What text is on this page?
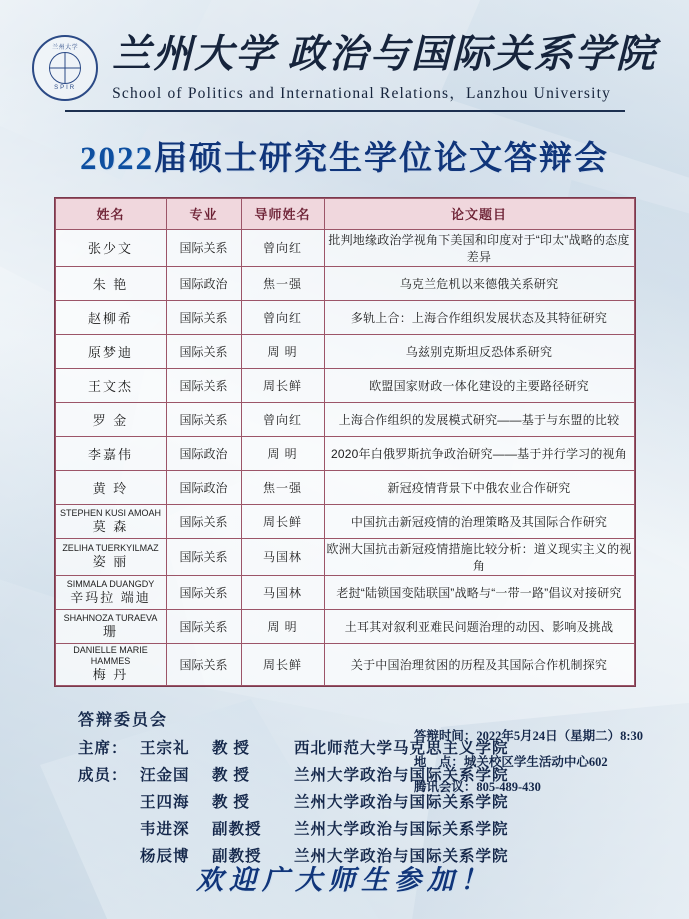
兰州大学
SPIR
兰州大学 政治与国际关系学院
School of Politics and International Relations，Lanzhou University
2022届硕士研究生学位论文答辩会
姓名	专业	导师姓名	论文题目
张少文	国际关系	曾向红	批判地缘政治学视角下美国和印度对于“印太”战略的态度差异
朱 艳	国际政治	焦一强	乌克兰危机以来德俄关系研究
赵柳希	国际关系	曾向红	多轨上合：上海合作组织发展状态及其特征研究
原梦迪	国际关系	周 明	乌兹别克斯坦反恐体系研究
王文杰	国际关系	周长鲜	欧盟国家财政一体化建设的主要路径研究
罗 金	国际关系	曾向红	上海合作组织的发展模式研究——基于与东盟的比较
李嘉伟	国际政治	周 明	2020年白俄罗斯抗争政治研究——基于并行学习的视角
黄 玲	国际政治	焦一强	新冠疫情背景下中俄农业合作研究
STEPHEN KUSI AMOAH
莫 森	国际关系	周长鲜	中国抗击新冠疫情的治理策略及其国际合作研究
ZELIHA TUERKYILMAZ
姿 丽	国际关系	马国林	欧洲大国抗击新冠疫情措施比较分析：道义现实主义的视角
SIMMALA DUANGDY
辛玛拉 端迪	国际关系	马国林	老挝“陆锁国变陆联国”战略与“一带一路”倡议对接研究
SHAHNOZA TURAEVA
珊	国际关系	周 明	土耳其对叙利亚难民问题治理的动因、影响及挑战
DANIELLE MARIE HAMMES
梅 丹	国际关系	周长鲜	关于中国治理贫困的历程及其国际合作机制探究
答辩委员会
主席： 王宗礼	教 授	西北师范大学马克思主义学院
成员： 汪金国	教 授	兰州大学政治与国际关系学院
王四海	教 授	兰州大学政治与国际关系学院
韦进深	副教授	兰州大学政治与国际关系学院
杨辰博	副教授	兰州大学政治与国际关系学院
答辩时间：2022年5月24日（星期二）8:30
地　点：城关校区学生活动中心602
腾讯会议：805-489-430
欢迎广大师生参加！
